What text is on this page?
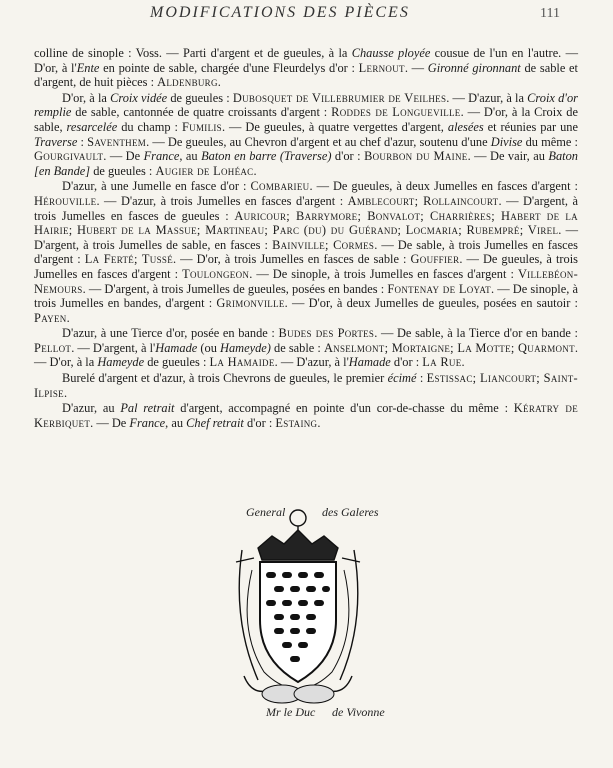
MODIFICATIONS DES PIÈCES	111

colline de sinople : Voss. — Parti d'argent et de gueules, à la Chausse ployée cousue de l'un en l'autre. — D'or, à l'Ente en pointe de sable, chargée d'une Fleurdelys d'or : Lernout. — Gironné gironnant de sable et d'argent, de huit pièces : Aldenburg.

D'or, à la Croix vidée de gueules : Dubosquet de Villebrumier de Veilhes. — D'azur, à la Croix d'or remplie de sable, cantonnée de quatre croissants d'argent : Roddes de Longueville. — D'or, à la Croix de sable, resarcelée du champ : Fumilis. — De gueules, à quatre vergettes d'argent, alesées et réunies par une Traverse : Saventhem. — De gueules, au Chevron d'argent et au chef d'azur, soutenu d'une Divise du même : Gourgivault. — De France, au Baton en barre (Traverse) d'or : Bourbon du Maine. — De vair, au Baton [en Bande] de gueules : Augier de Lohéac.

D'azur, à une Jumelle en fasce d'or : Combarieu. — De gueules, à deux Jumelles en fasces d'argent : Hérouville. — D'azur, à trois Jumelles en fasces d'argent : Amblecourt; Rollaincourt. — D'argent, à trois Jumelles en fasces de gueules : Auricour; Barrymore; Bonvalot; Charrières; Habert de la Hairie; Hubert de la Massue; Martineau; Parc (du) du Guérand; Locmaria; Rubempré; Virel. — D'argent, à trois Jumelles de sable, en fasces : Bainville; Cormes. — De sable, à trois Jumelles en fasces d'argent : La Ferté; Tussé. — D'or, à trois Jumelles en fasces de sable : Gouffier. — De gueules, à trois Jumelles en fasces d'argent : Toulongeon. — De sinople, à trois Jumelles en fasces d'argent : Villebéon-Nemours. — D'argent, à trois Jumelles de gueules, posées en bandes : Fontenay de Loyat. — De sinople, à trois Jumelles en bandes, d'argent : Grimonville. — D'or, à deux Jumelles de gueules, posées en sautoir : Payen.

D'azur, à une Tierce d'or, posée en bande : Budes des Portes. — De sable, à la Tierce d'or en bande : Pellot. — D'argent, à l'Hamade (ou Hameyde) de sable : Anselmont; Mortaigne; La Motte; Quarmont. — D'or, à la Hameyde de gueules : La Hamaide. — D'azur, à l'Hamade d'or : La Rue.

Burelé d'argent et d'azur, à trois Chevrons de gueules, le premier écimé : Estissac; Liancourt; Saint-Ilpise.

D'azur, au Pal retrait d'argent, accompagné en pointe d'un cor-de-chasse du même : Kératry de Kerbiquet. — De France, au Chef retrait d'or : Estaing.

General	des Galeres
Mr le Duc de Vivonne
